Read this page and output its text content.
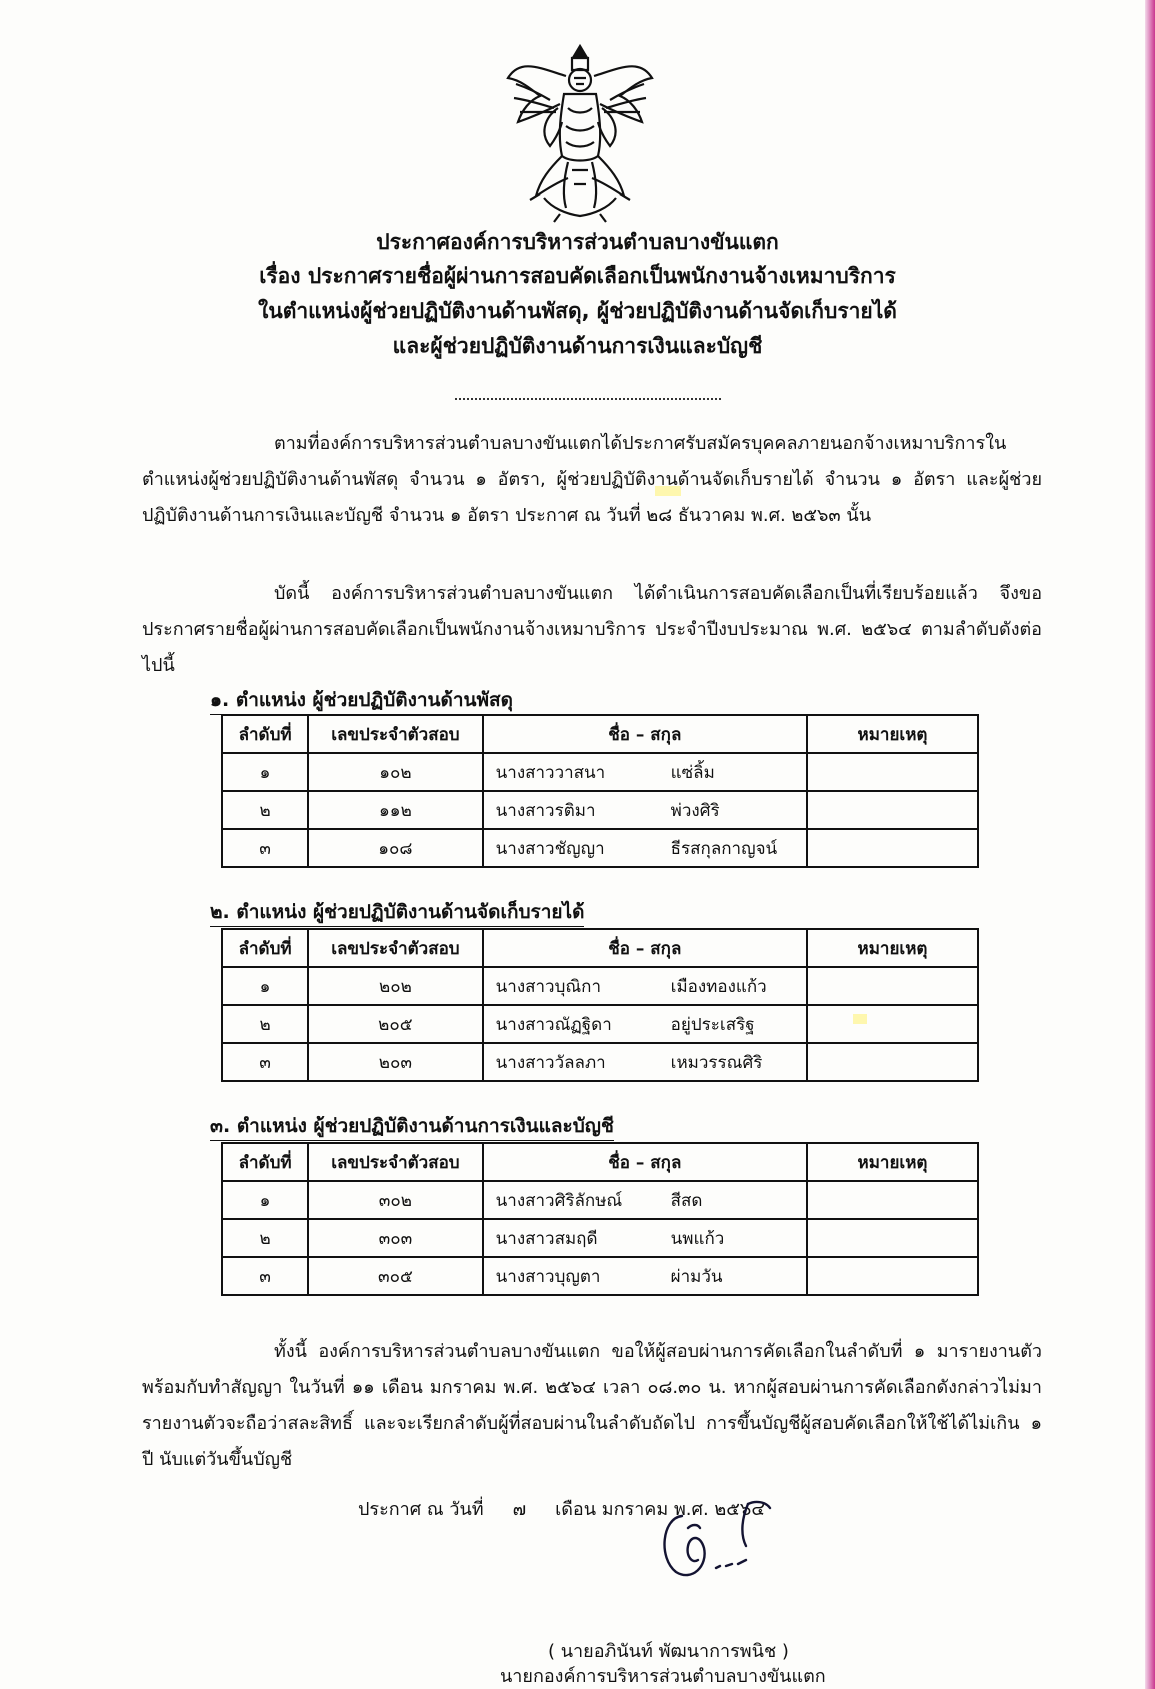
ประกาศองค์การบริหารส่วนตำบลบางขันแตก
เรื่อง ประกาศรายชื่อผู้ผ่านการสอบคัดเลือกเป็นพนักงานจ้างเหมาบริการ
ในตำแหน่งผู้ช่วยปฏิบัติงานด้านพัสดุ, ผู้ช่วยปฏิบัติงานด้านจัดเก็บรายได้
และผู้ช่วยปฏิบัติงานด้านการเงินและบัญชี

ตามที่องค์การบริหารส่วนตำบลบางขันแตกได้ประกาศรับสมัครบุคคลภายนอกจ้างเหมาบริการในตำแหน่งผู้ช่วยปฏิบัติงานด้านพัสดุ จำนวน ๑ อัตรา, ผู้ช่วยปฏิบัติงานด้านจัดเก็บรายได้ จำนวน ๑ อัตรา และผู้ช่วยปฏิบัติงานด้านการเงินและบัญชี จำนวน ๑ อัตรา ประกาศ ณ วันที่ ๒๘ ธันวาคม พ.ศ. ๒๕๖๓ นั้น

บัดนี้ องค์การบริหารส่วนตำบลบางขันแตก ได้ดำเนินการสอบคัดเลือกเป็นที่เรียบร้อยแล้ว จึงขอประกาศรายชื่อผู้ผ่านการสอบคัดเลือกเป็นพนักงานจ้างเหมาบริการ ประจำปีงบประมาณ พ.ศ. ๒๕๖๔ ตามลำดับดังต่อไปนี้

๑. ตำแหน่ง ผู้ช่วยปฏิบัติงานด้านพัสดุ
ลำดับที่	เลขประจำตัวสอบ	ชื่อ – สกุล	หมายเหตุ
๑	๑๐๒	นางสาววาสนา แซ่ลิ้ม	
๒	๑๑๒	นางสาวรติมา พ่วงศิริ	
๓	๑๐๘	นางสาวชัญญา ธีรสกุลกาญจน์	
๒. ตำแหน่ง ผู้ช่วยปฏิบัติงานด้านจัดเก็บรายได้
ลำดับที่	เลขประจำตัวสอบ	ชื่อ – สกุล	หมายเหตุ
๑	๒๐๒	นางสาวบุณิกา เมืองทองแก้ว	
๒	๒๐๕	นางสาวณัฏฐิดา อยู่ประเสริฐ	
๓	๒๐๓	นางสาววัลลภา เหมวรรณศิริ	
๓. ตำแหน่ง ผู้ช่วยปฏิบัติงานด้านการเงินและบัญชี
ลำดับที่	เลขประจำตัวสอบ	ชื่อ – สกุล	หมายเหตุ
๑	๓๐๒	นางสาวศิริลักษณ์ สีสด	
๒	๓๐๓	นางสาวสมฤดี นพแก้ว	
๓	๓๐๕	นางสาวบุญตา ผ่ามวัน	

ทั้งนี้ องค์การบริหารส่วนตำบลบางขันแตก ขอให้ผู้สอบผ่านการคัดเลือกในลำดับที่ ๑ มารายงานตัวพร้อมกับทำสัญญา ในวันที่ ๑๑ เดือน มกราคม พ.ศ. ๒๕๖๔ เวลา ๐๘.๓๐ น. หากผู้สอบผ่านการคัดเลือกดังกล่าวไม่มารายงานตัวจะถือว่าสละสิทธิ์ และจะเรียกลำดับผู้ที่สอบผ่านในลำดับถัดไป การขึ้นบัญชีผู้สอบคัดเลือกให้ใช้ได้ไม่เกิน ๑ ปี นับแต่วันขึ้นบัญชี

ประกาศ ณ วันที่ ๗ เดือน มกราคม พ.ศ. ๒๕๖๔
( นายอภินันท์ พัฒนาการพนิช )
นายกองค์การบริหารส่วนตำบลบางขันแตก
